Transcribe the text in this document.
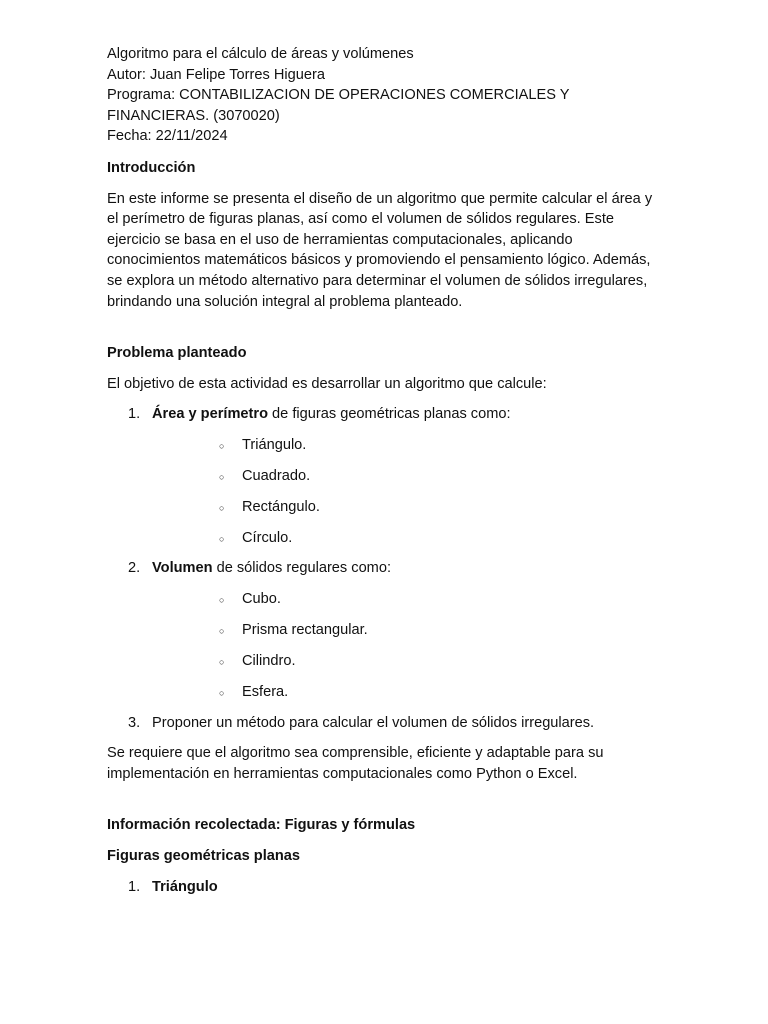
Algoritmo para el cálculo de áreas y volúmenes
Autor: Juan Felipe Torres Higuera
Programa: CONTABILIZACION DE OPERACIONES COMERCIALES Y
FINANCIERAS. (3070020)
Fecha: 22/11/2024
Introducción

En este informe se presenta el diseño de un algoritmo que permite calcular el área y el perímetro de figuras planas, así como el volumen de sólidos regulares. Este ejercicio se basa en el uso de herramientas computacionales, aplicando conocimientos matemáticos básicos y promoviendo el pensamiento lógico. Además, se explora un método alternativo para determinar el volumen de sólidos irregulares, brindando una solución integral al problema planteado.

Problema planteado

El objetivo de esta actividad es desarrollar un algoritmo que calcule:

1. Área y perímetro de figuras geométricas planas como:
○ Triángulo.
○ Cuadrado.
○ Rectángulo.
○ Círculo.
2. Volumen de sólidos regulares como:
○ Cubo.
○ Prisma rectangular.
○ Cilindro.
○ Esfera.
3. Proponer un método para calcular el volumen de sólidos irregulares.

Se requiere que el algoritmo sea comprensible, eficiente y adaptable para su implementación en herramientas computacionales como Python o Excel.

Información recolectada: Figuras y fórmulas
Figuras geométricas planas
1. Triángulo
